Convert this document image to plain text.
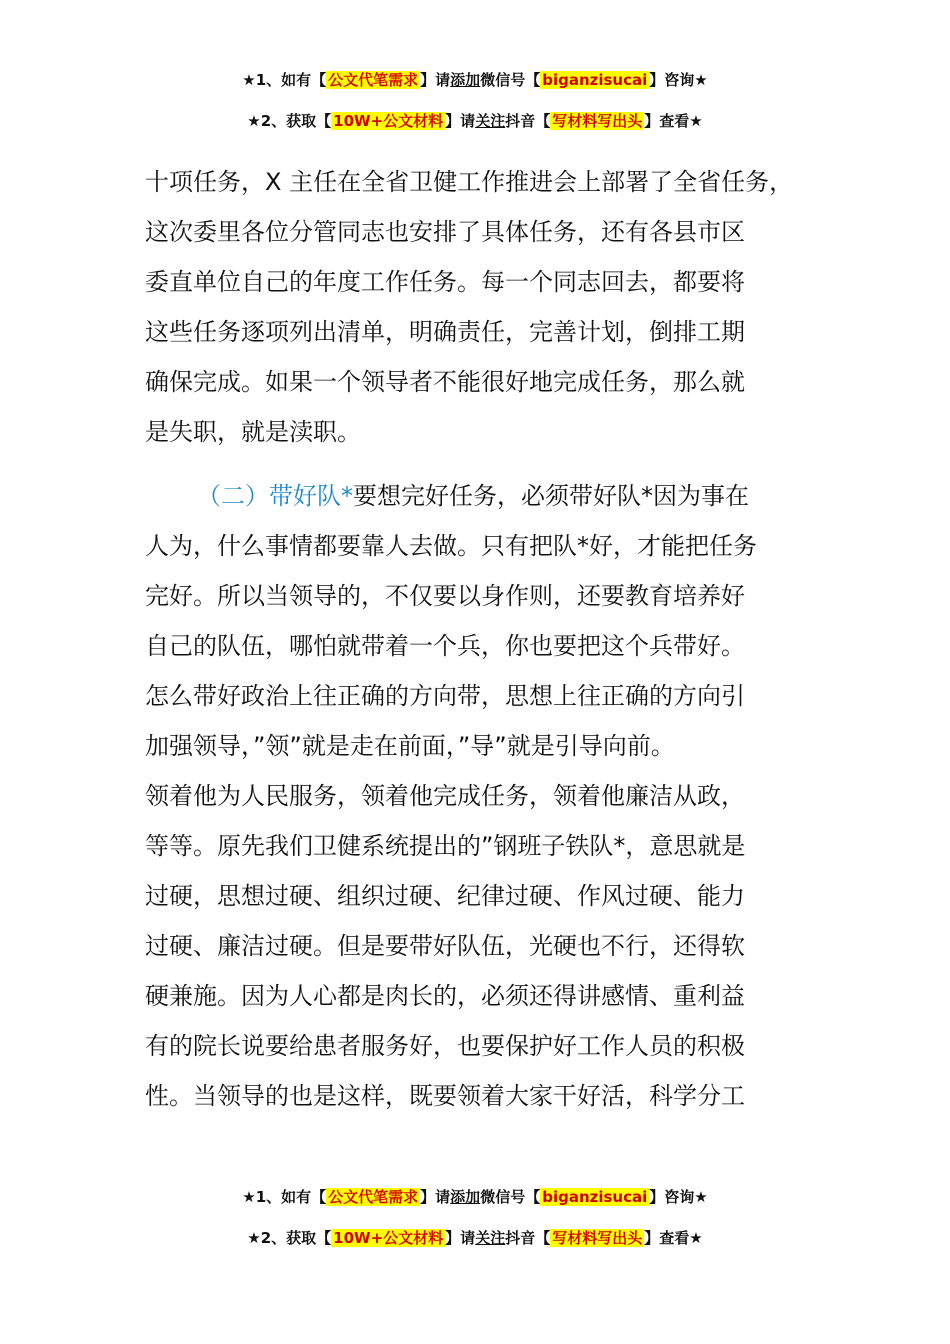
★1、如有【 公文代笔需求 】请添加微信号【 biganzisucai 】咨询★
★2、获取【 10W+公文材料 】请关注抖音【 写材料写出头 】查看★
十项任务，X 主任在全省卫健工作推进会上部署了全省任务，
这次委里各位分管同志也安排了具体任务，还有各县市区
委直单位自己的年度工作任务。每一个同志回去，都要将
这些任务逐项列出清单，明确责任，完善计划，倒排工期
确保完成。如果一个领导者不能很好地完成任务，那么就
是失职，就是渎职。
（二）带好队*要想完好任务，必须带好队*因为事在
人为，什么事情都要靠人去做。只有把队*好，才能把任务
完好。所以当领导的，不仅要以身作则，还要教育培养好
自己的队伍，哪怕就带着一个兵，你也要把这个兵带好。
怎么带好政治上往正确的方向带，思想上往正确的方向引
加强领导，”领”就是走在前面，”导”就是引导向前。
领着他为人民服务，领着他完成任务，领着他廉洁从政，
等等。原先我们卫健系统提出的”钢班子铁队*，意思就是
过硬，思想过硬、组织过硬、纪律过硬、作风过硬、能力
过硬、廉洁过硬。但是要带好队伍，光硬也不行，还得软
硬兼施。因为人心都是肉长的，必须还得讲感情、重利益
有的院长说要给患者服务好，也要保护好工作人员的积极
性。当领导的也是这样，既要领着大家干好活，科学分工
★1、如有【 公文代笔需求 】请添加微信号【 biganzisucai 】咨询★
★2、获取【 10W+公文材料 】请关注抖音【 写材料写出头 】查看★
